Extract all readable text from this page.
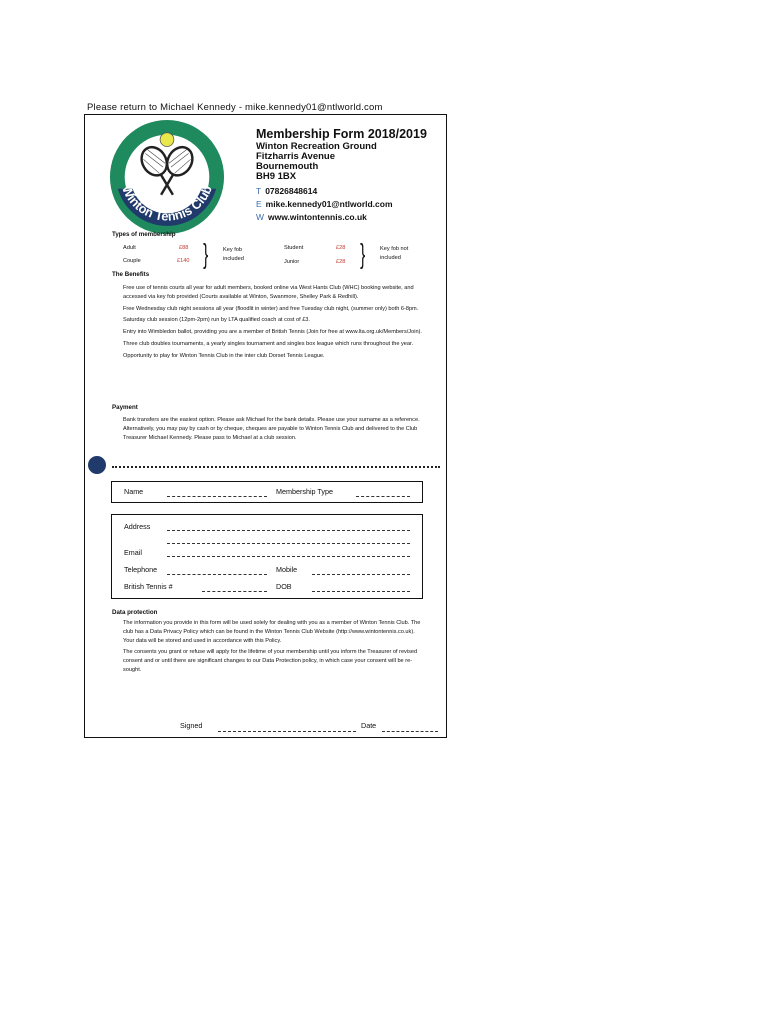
Please return to Michael Kennedy - mike.kennedy01@ntlworld.com
Winton Tennis Club
Membership Form 2018/2019
Winton Recreation Ground
Fitzharris Avenue
Bournemouth
BH9 1BX
T 07826848614
E mike.kennedy01@ntlworld.com
W www.wintontennis.co.uk
Types of membership
Adult	£88
Couple	£140 }	Key fob included
Student	£28
Junior	£28 }	Key fob not included
The Benefits

Free use of tennis courts all year for adult members, booked online via West Hants Club (WHC) booking website, and accessed via key fob provided (Courts available at Winton, Swanmore, Shelley Park & Redhill).

Free Wednesday club night sessions all year (floodlit in winter) and free Tuesday club night, (summer only) both 6-8pm.

Saturday club session (12pm-2pm) run by LTA qualified coach at cost of £3.

Entry into Wimbledon ballot, providing you are a member of British Tennis (Join for free at www.lta.org.uk/Members/Join).

Three club doubles tournaments, a yearly singles tournament and singles box league which runs throughout the year.

Opportunity to play for Winton Tennis Club in the inter club Dorset Tennis League.

Payment
Bank transfers are the easiest option. Please ask Michael for the bank details. Please use your surname as a reference. Alternatively, you may pay by cash or by cheque, cheques are payable to Winton Tennis Club and delivered to the Club Treasurer Michael Kennedy. Please pass to Michael at a club session.
Name	Membership Type
Address
Email
Telephone	Mobile
British Tennis #	DOB
Data protection

The information you provide in this form will be used solely for dealing with you as a member of Winton Tennis Club. The club has a Data Privacy Policy which can be found in the Winton Tennis Club Website (http://www.wintontennis.co.uk). Your data will be stored and used in accordance with this Policy.

The consents you grant or refuse will apply for the lifetime of your membership until you inform the Treasurer of revised consent and or until there are significant changes to our Data Protection policy, in which case your consent will be re-sought.

Signed	Date
